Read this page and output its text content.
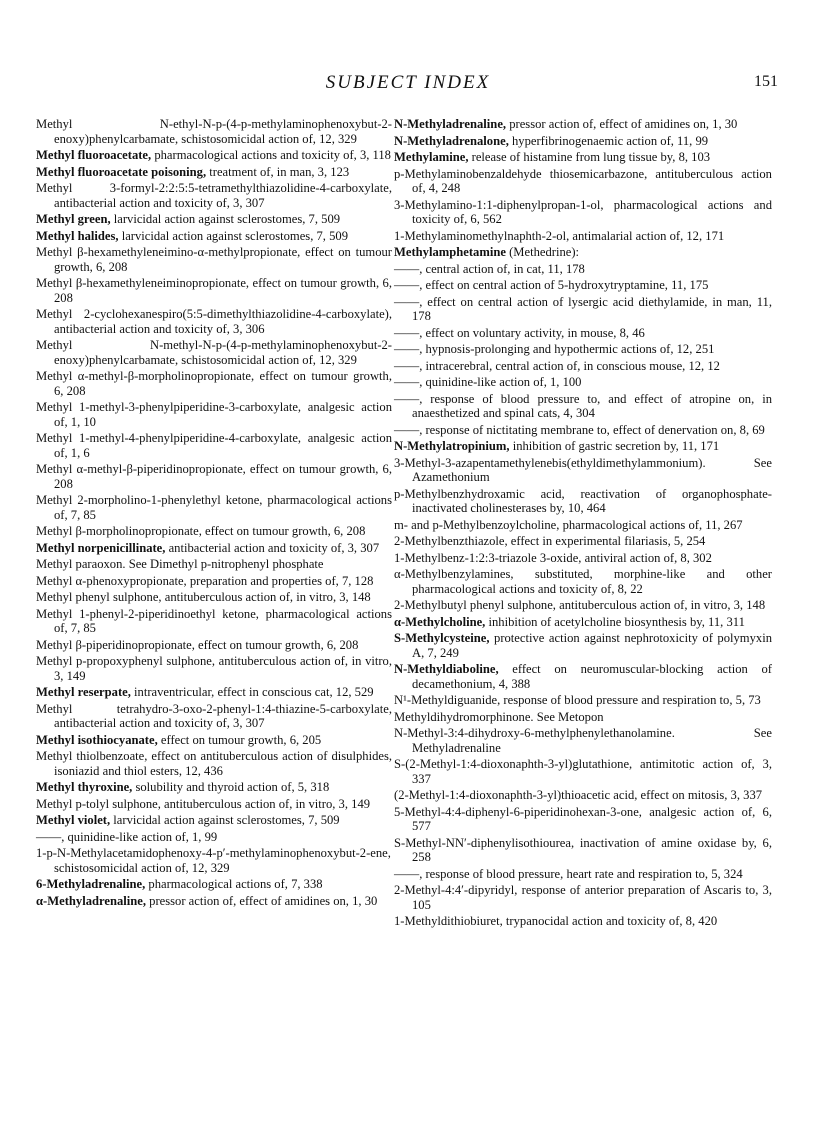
SUBJECT INDEX	151

Methyl N-ethyl-N-p-(4-p-methylaminophenoxybut-2-enoxy)phenylcarbamate, schistosomicidal action of, 12, 329

Methyl fluoroacetate, pharmacological actions and toxicity of, 3, 118

Methyl fluoroacetate poisoning, treatment of, in man, 3, 123

Methyl 3-formyl-2:2:5:5-tetramethylthiazolidine-4-carboxylate, antibacterial action and toxicity of, 3, 307

Methyl green, larvicidal action against sclerostomes, 7, 509

Methyl halides, larvicidal action against sclerostomes, 7, 509

Methyl β-hexamethyleneimino-α-methylpropionate, effect on tumour growth, 6, 208

Methyl β-hexamethyleneiminopropionate, effect on tumour growth, 6, 208

Methyl 2-cyclohexanespiro(5:5-dimethylthiazolidine-4-carboxylate), antibacterial action and toxicity of, 3, 306

Methyl N-methyl-N-p-(4-p-methylaminophenoxybut-2-enoxy)phenylcarbamate, schistosomicidal action of, 12, 329

Methyl α-methyl-β-morpholinopropionate, effect on tumour growth, 6, 208

Methyl 1-methyl-3-phenylpiperidine-3-carboxylate, analgesic action of, 1, 10

Methyl 1-methyl-4-phenylpiperidine-4-carboxylate, analgesic action of, 1, 6

Methyl α-methyl-β-piperidinopropionate, effect on tumour growth, 6, 208

Methyl 2-morpholino-1-phenylethyl ketone, pharmacological actions of, 7, 85

Methyl β-morpholinopropionate, effect on tumour growth, 6, 208

Methyl norpenicillinate, antibacterial action and toxicity of, 3, 307

Methyl paraoxon. See Dimethyl p-nitrophenyl phosphate

Methyl α-phenoxypropionate, preparation and properties of, 7, 128

Methyl phenyl sulphone, antituberculous action of, in vitro, 3, 148

Methyl 1-phenyl-2-piperidinoethyl ketone, pharmacological actions of, 7, 85

Methyl β-piperidinopropionate, effect on tumour growth, 6, 208

Methyl p-propoxyphenyl sulphone, antituberculous action of, in vitro, 3, 149

Methyl reserpate, intraventricular, effect in conscious cat, 12, 529

Methyl tetrahydro-3-oxo-2-phenyl-1:4-thiazine-5-carboxylate, antibacterial action and toxicity of, 3, 307

Methyl isothiocyanate, effect on tumour growth, 6, 205

Methyl thiolbenzoate, effect on antituberculous action of disulphides, isoniazid and thiol esters, 12, 436

Methyl thyroxine, solubility and thyroid action of, 5, 318

Methyl p-tolyl sulphone, antituberculous action of, in vitro, 3, 149

Methyl violet, larvicidal action against sclerostomes, 7, 509

——, quinidine-like action of, 1, 99

1-p-N-Methylacetamidophenoxy-4-p′-methylaminophenoxybut-2-ene, schistosomicidal action of, 12, 329

6-Methyladrenaline, pharmacological actions of, 7, 338

α-Methyladrenaline, pressor action of, effect of amidines on, 1, 30

N-Methyladrenaline, pressor action of, effect of amidines on, 1, 30

N-Methyladrenalone, hyperfibrinogenaemic action of, 11, 99

Methylamine, release of histamine from lung tissue by, 8, 103

p-Methylaminobenzaldehyde thiosemicarbazone, antituberculous action of, 4, 248

3-Methylamino-1:1-diphenylpropan-1-ol, pharmacological actions and toxicity of, 6, 562

1-Methylaminomethylnaphth-2-ol, antimalarial action of, 12, 171

Methylamphetamine (Methedrine):

——, central action of, in cat, 11, 178

——, effect on central action of 5-hydroxytryptamine, 11, 175

——, effect on central action of lysergic acid diethylamide, in man, 11, 178

——, effect on voluntary activity, in mouse, 8, 46

——, hypnosis-prolonging and hypothermic actions of, 12, 251

——, intracerebral, central action of, in conscious mouse, 12, 12

——, quinidine-like action of, 1, 100

——, response of blood pressure to, and effect of atropine on, in anaesthetized and spinal cats, 4, 304

——, response of nictitating membrane to, effect of denervation on, 8, 69

N-Methylatropinium, inhibition of gastric secretion by, 11, 171

3-Methyl-3-azapentamethylenebis(ethyldimethylammonium). See Azamethonium

p-Methylbenzhydroxamic acid, reactivation of organophosphate-inactivated cholinesterases by, 10, 464

m- and p-Methylbenzoylcholine, pharmacological actions of, 11, 267

2-Methylbenzthiazole, effect in experimental filariasis, 5, 254

1-Methylbenz-1:2:3-triazole 3-oxide, antiviral action of, 8, 302

α-Methylbenzylamines, substituted, morphine-like and other pharmacological actions and toxicity of, 8, 22

2-Methylbutyl phenyl sulphone, antituberculous action of, in vitro, 3, 148

α-Methylcholine, inhibition of acetylcholine biosynthesis by, 11, 311

S-Methylcysteine, protective action against nephrotoxicity of polymyxin A, 7, 249

N-Methyldiaboline, effect on neuromuscular-blocking action of decamethonium, 4, 388

N¹-Methyldiguanide, response of blood pressure and respiration to, 5, 73

Methyldihydromorphinone. See Metopon

N-Methyl-3:4-dihydroxy-6-methylphenylethanolamine. See Methyladrenaline

S-(2-Methyl-1:4-dioxonaphth-3-yl)glutathione, antimitotic action of, 3, 337

(2-Methyl-1:4-dioxonaphth-3-yl)thioacetic acid, effect on mitosis, 3, 337

5-Methyl-4:4-diphenyl-6-piperidinohexan-3-one, analgesic action of, 6, 577

S-Methyl-NN′-diphenylisothiourea, inactivation of amine oxidase by, 6, 258

——, response of blood pressure, heart rate and respiration to, 5, 324

2-Methyl-4:4′-dipyridyl, response of anterior preparation of Ascaris to, 3, 105

1-Methyldithiobiuret, trypanocidal action and toxicity of, 8, 420
